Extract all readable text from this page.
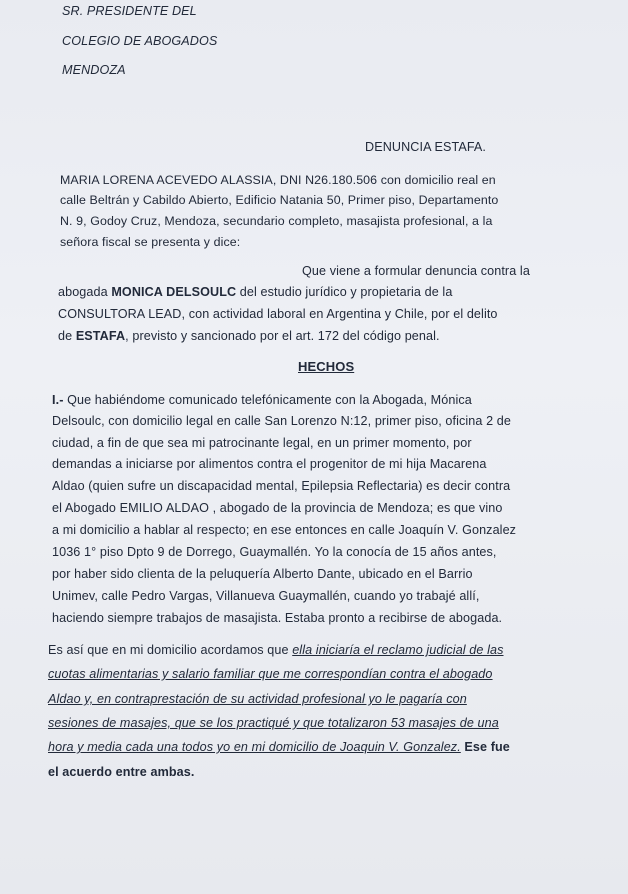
SR. PRESIDENTE DEL
COLEGIO DE ABOGADOS
MENDOZA
DENUNCIA ESTAFA.
MARIA LORENA ACEVEDO ALASSIA, DNI N26.180.506 con domicilio real en
calle Beltrán y Cabildo Abierto, Edificio Natania 50, Primer piso, Departamento
N. 9, Godoy Cruz, Mendoza, secundario completo, masajista profesional, a la
señora fiscal se presenta y dice:
Que viene a formular denuncia contra la
abogada MONICA DELSOULC del estudio jurídico y propietaria de la
CONSULTORA LEAD, con actividad laboral en Argentina y Chile, por el delito
de ESTAFA, previsto y sancionado por el art. 172 del código penal.
HECHOS
I.- Que habiéndome comunicado telefónicamente con la Abogada, Mónica
Delsoulc, con domicilio legal en calle San Lorenzo N:12, primer piso, oficina 2 de
ciudad, a fin de que sea mi patrocinante legal, en un primer momento, por
demandas a iniciarse por alimentos contra el progenitor de mi hija Macarena
Aldao (quien sufre un discapacidad mental, Epilepsia Reflectaria) es decir contra
el Abogado EMILIO ALDAO , abogado de la provincia de Mendoza; es que vino
a mi domicilio a hablar al respecto; en ese entonces en calle Joaquín V. Gonzalez
1036 1° piso Dpto 9 de Dorrego, Guaymallén. Yo la conocía de 15 años antes,
por haber sido clienta de la peluquería Alberto Dante, ubicado en el Barrio
Unimev, calle Pedro Vargas, Villanueva Guaymallén, cuando yo trabajé allí,
haciendo siempre trabajos de masajista. Estaba pronto a recibirse de abogada.
Es así que en mi domicilio acordamos que ella iniciaría el reclamo judicial de las
cuotas alimentarias y salario familiar que me correspondían contra el abogado
Aldao y, en contraprestación de su actividad profesional yo le pagaría con
sesiones de masajes, que se los practiqué y que totalizaron 53 masajes de una
hora y media cada una todos yo en mi domicilio de Joaquin V. Gonzalez. Ese fue
el acuerdo entre ambas.
